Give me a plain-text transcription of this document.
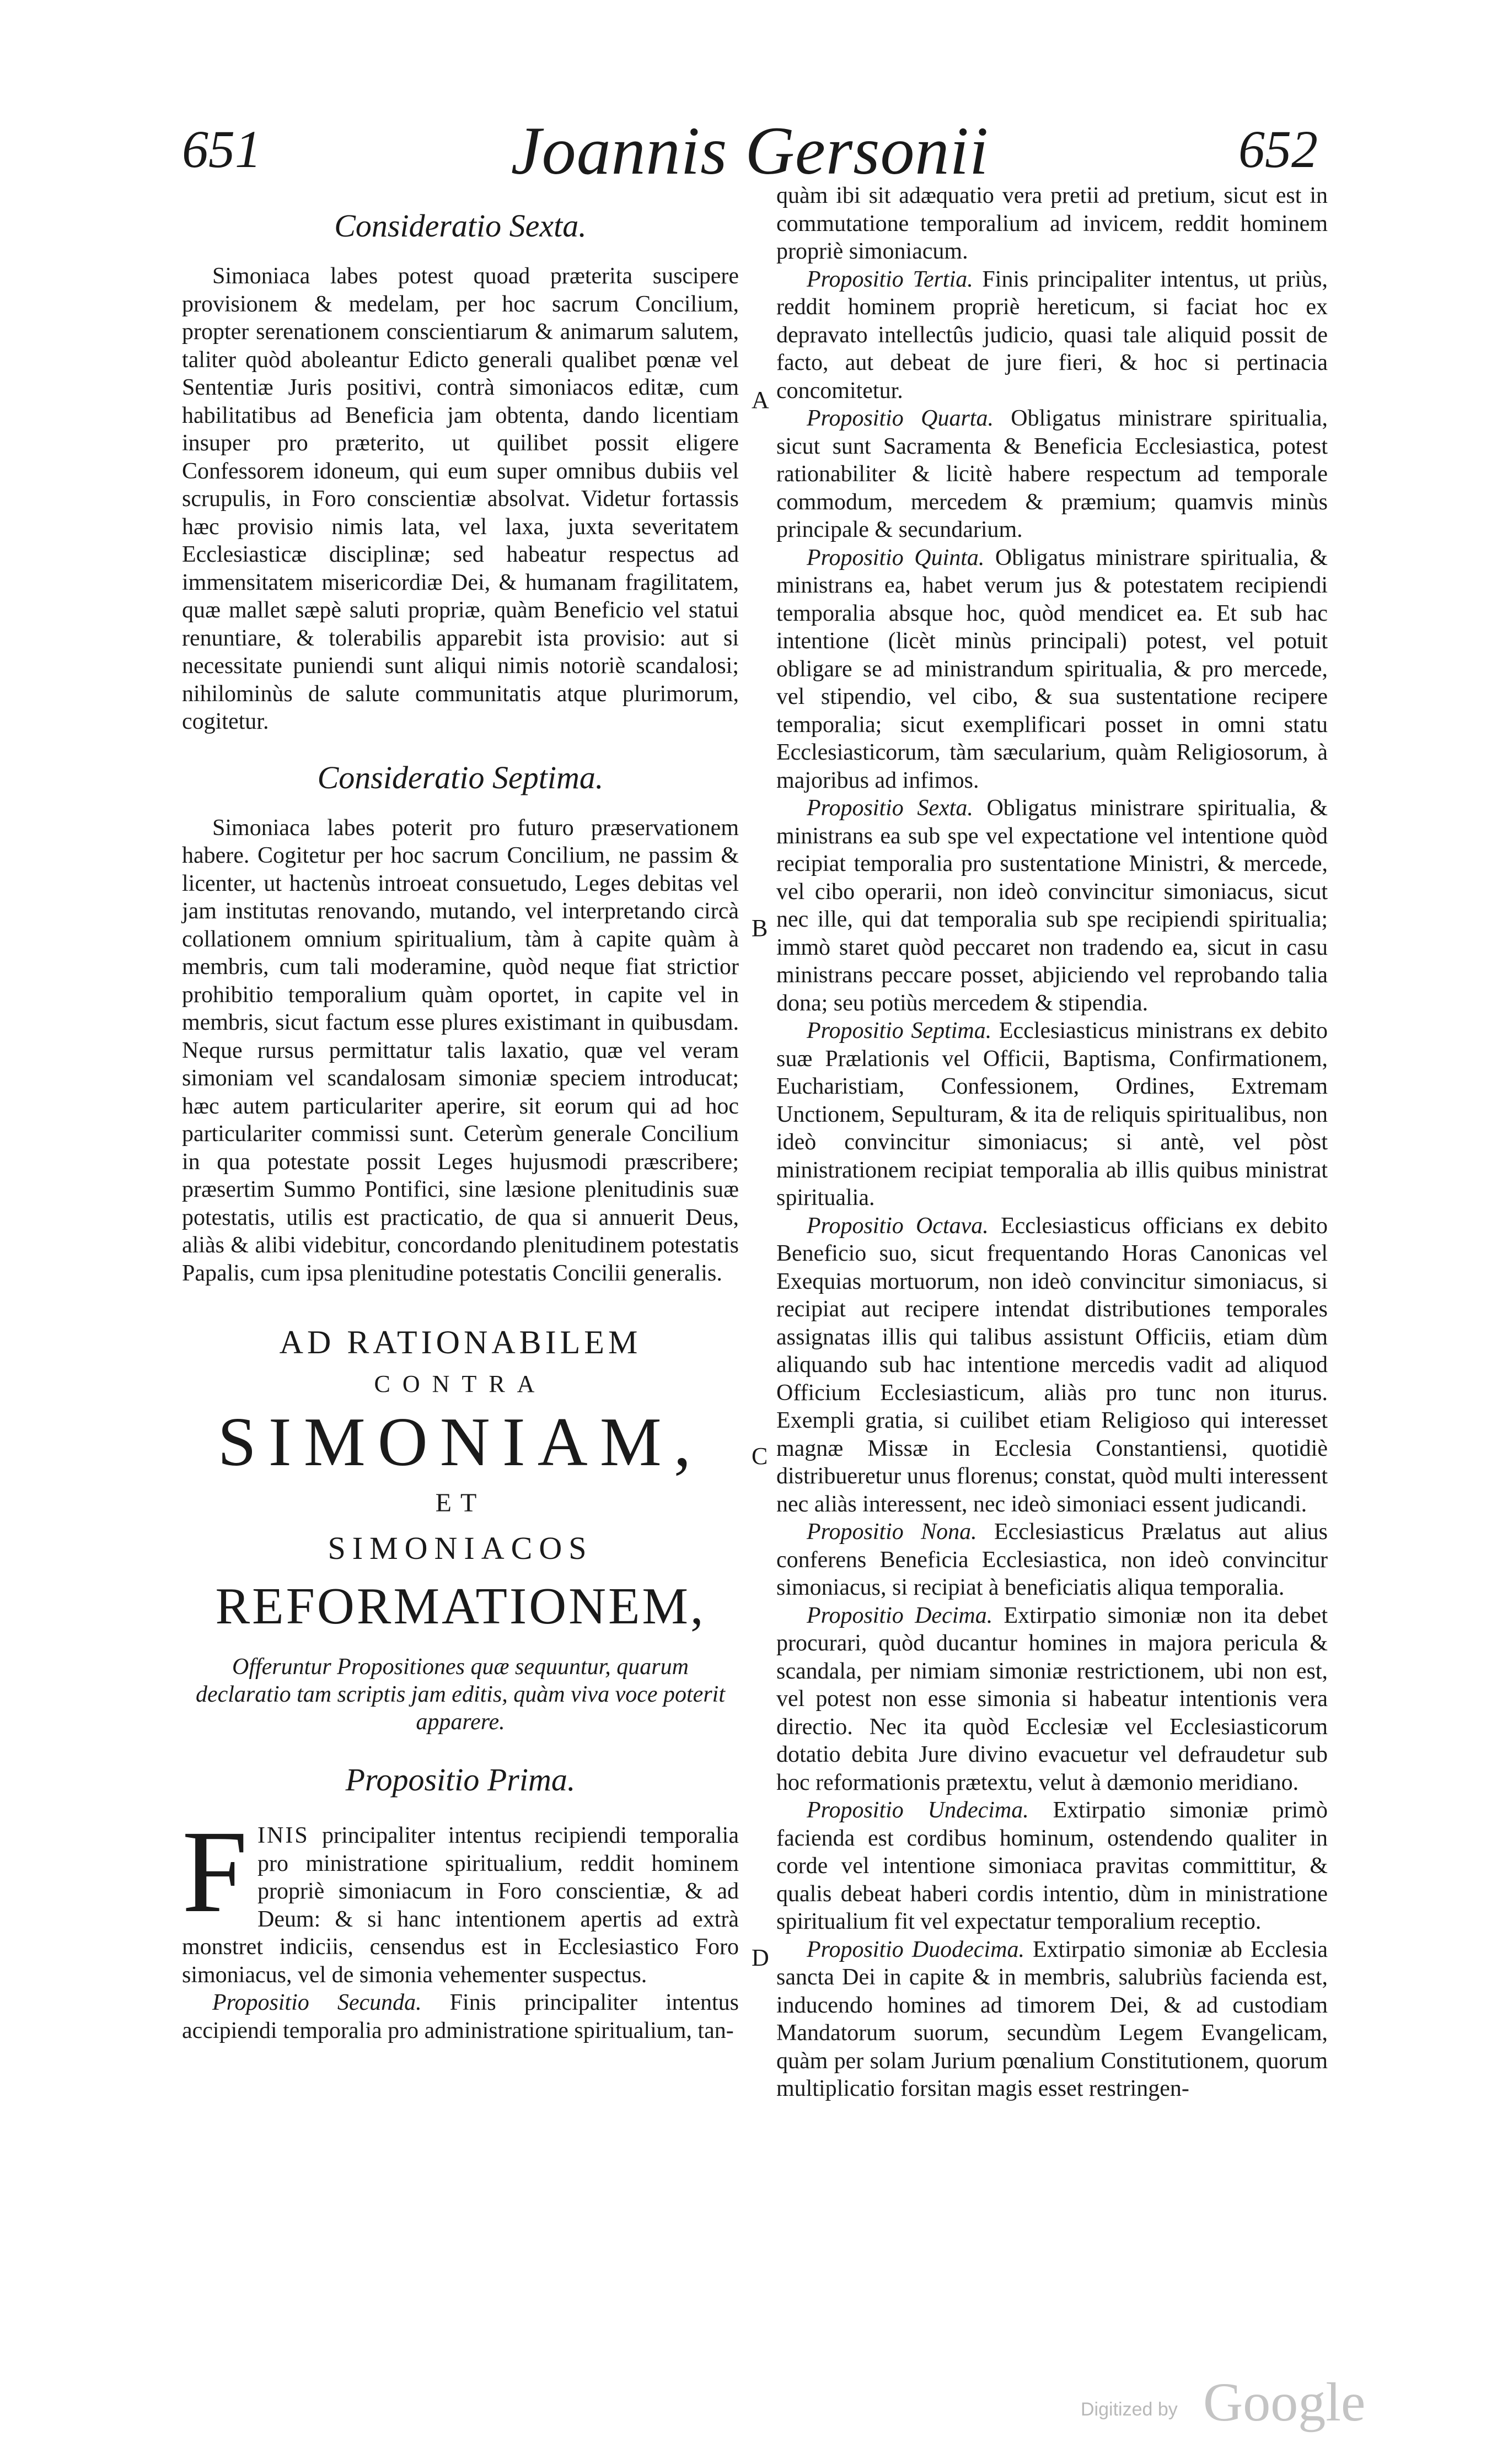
651	Joannis Gersonii	652
Consideratio Sexta.

Simoniaca labes potest quoad præterita suscipere provisionem & medelam, per hoc sacrum Concilium, propter serenationem conscientiarum & animarum salutem, taliter quòd aboleantur Edicto generali qualibet pœnæ vel Sententiæ Juris positivi, contrà simoniacos editæ, cum habilitatibus ad Beneficia jam obtenta, dando licentiam insuper pro præterito, ut quilibet possit eligere Confessorem idoneum, qui eum super omnibus dubiis vel scrupulis, in Foro conscientiæ absolvat. Videtur fortassis hæc provisio nimis lata, vel laxa, juxta severitatem Ecclesiasticæ disciplinæ; sed habeatur respectus ad immensitatem misericordiæ Dei, & humanam fragilitatem, quæ mallet sæpè saluti propriæ, quàm Beneficio vel statui renuntiare, & tolerabilis apparebit ista provisio: aut si necessitate puniendi sunt aliqui nimis notoriè scandalosi; nihilominùs de salute communitatis atque plurimorum, cogitetur.

Consideratio Septima.

Simoniaca labes poterit pro futuro præservationem habere. Cogitetur per hoc sacrum Concilium, ne passim & licenter, ut hactenùs introeat consuetudo, Leges debitas vel jam institutas renovando, mutando, vel interpretando circà collationem omnium spiritualium, tàm à capite quàm à membris, cum tali moderamine, quòd neque fiat strictior prohibitio temporalium quàm oportet, in capite vel in membris, sicut factum esse plures existimant in quibusdam. Neque rursus permittatur talis laxatio, quæ vel veram simoniam vel scandalosam simoniæ speciem introducat; hæc autem particulariter aperire, sit eorum qui ad hoc particulariter commissi sunt. Ceterùm generale Concilium in qua potestate possit Leges hujusmodi præscribere; præsertim Summo Pontifici, sine læsione plenitudinis suæ potestatis, utilis est practicatio, de qua si annuerit Deus, aliàs & alibi videbitur, concordando plenitudinem potestatis Papalis, cum ipsa plenitudine potestatis Concilii generalis.

AD RATIONABILEM
CONTRA
SIMONIAM,
ET
SIMONIACOS
REFORMATIONEM,
Offeruntur Propositiones quæ sequuntur, quarum declaratio tam scriptis jam editis, quàm viva voce poterit apparere.
Propositio Prima.

FINIS principaliter intentus recipiendi temporalia pro ministratione spiritualium, reddit hominem propriè simoniacum in Foro conscientiæ, & ad Deum: & si hanc intentionem apertis ad extrà monstret indiciis, censendus est in Ecclesiastico Foro simoniacus, vel de simonia vehementer suspectus.

Propositio Secunda. Finis principaliter intentus accipiendi temporalia pro administratione spiritualium, tan-

quàm ibi sit adæquatio vera pretii ad pretium, sicut est in commutatione temporalium ad invicem, reddit hominem propriè simoniacum.

Propositio Tertia. Finis principaliter intentus, ut priùs, reddit hominem propriè hereticum, si faciat hoc ex depravato intellectûs judicio, quasi tale aliquid possit de facto, aut debeat de jure fieri, & hoc si pertinacia concomitetur.

Propositio Quarta. Obligatus ministrare spiritualia, sicut sunt Sacramenta & Beneficia Ecclesiastica, potest rationabiliter & licitè habere respectum ad temporale commodum, mercedem & præmium; quamvis minùs principale & secundarium.

Propositio Quinta. Obligatus ministrare spiritualia, & ministrans ea, habet verum jus & potestatem recipiendi temporalia absque hoc, quòd mendicet ea. Et sub hac intentione (licèt minùs principali) potest, vel potuit obligare se ad ministrandum spiritualia, & pro mercede, vel stipendio, vel cibo, & sua sustentatione recipere temporalia; sicut exemplificari posset in omni statu Ecclesiasticorum, tàm sæcularium, quàm Religiosorum, à majoribus ad infimos.

Propositio Sexta. Obligatus ministrare spiritualia, & ministrans ea sub spe vel expectatione vel intentione quòd recipiat temporalia pro sustentatione Ministri, & mercede, vel cibo operarii, non ideò convincitur simoniacus, sicut nec ille, qui dat temporalia sub spe recipiendi spiritualia; immò staret quòd peccaret non tradendo ea, sicut in casu ministrans peccare posset, abjiciendo vel reprobando talia dona; seu potiùs mercedem & stipendia.

Propositio Septima. Ecclesiasticus ministrans ex debito suæ Prælationis vel Officii, Baptisma, Confirmationem, Eucharistiam, Confessionem, Ordines, Extremam Unctionem, Sepulturam, & ita de reliquis spiritualibus, non ideò convincitur simoniacus; si antè, vel pòst ministrationem recipiat temporalia ab illis quibus ministrat spiritualia.

Propositio Octava. Ecclesiasticus officians ex debito Beneficio suo, sicut frequentando Horas Canonicas vel Exequias mortuorum, non ideò convincitur simoniacus, si recipiat aut recipere intendat distributiones temporales assignatas illis qui talibus assistunt Officiis, etiam dùm aliquando sub hac intentione mercedis vadit ad aliquod Officium Ecclesiasticum, aliàs pro tunc non iturus. Exempli gratia, si cuilibet etiam Religioso qui interesset magnæ Missæ in Ecclesia Constantiensi, quotidiè distribueretur unus florenus; constat, quòd multi interessent nec aliàs interessent, nec ideò simoniaci essent judicandi.

Propositio Nona. Ecclesiasticus Prælatus aut alius conferens Beneficia Ecclesiastica, non ideò convincitur simoniacus, si recipiat à beneficiatis aliqua temporalia.

Propositio Decima. Extirpatio simoniæ non ita debet procurari, quòd ducantur homines in majora pericula & scandala, per nimiam simoniæ restrictionem, ubi non est, vel potest non esse simonia si habeatur intentionis vera directio. Nec ita quòd Ecclesiæ vel Ecclesiasticorum dotatio debita Jure divino evacuetur vel defraudetur sub hoc reformationis prætextu, velut à dæmonio meridiano.

Propositio Undecima. Extirpatio simoniæ primò facienda est cordibus hominum, ostendendo qualiter in corde vel intentione simoniaca pravitas committitur, & qualis debeat haberi cordis intentio, dùm in ministratione spiritualium fit vel expectatur temporalium receptio.

Propositio Duodecima. Extirpatio simoniæ ab Ecclesia sancta Dei in capite & in membris, salubriùs facienda est, inducendo homines ad timorem Dei, & ad custodiam Mandatorum suorum, secundùm Legem Evangelicam, quàm per solam Jurium pœnalium Constitutionem, quorum multiplicatio forsitan magis esset restringen-

A
B
C
D
Digitized by Google
